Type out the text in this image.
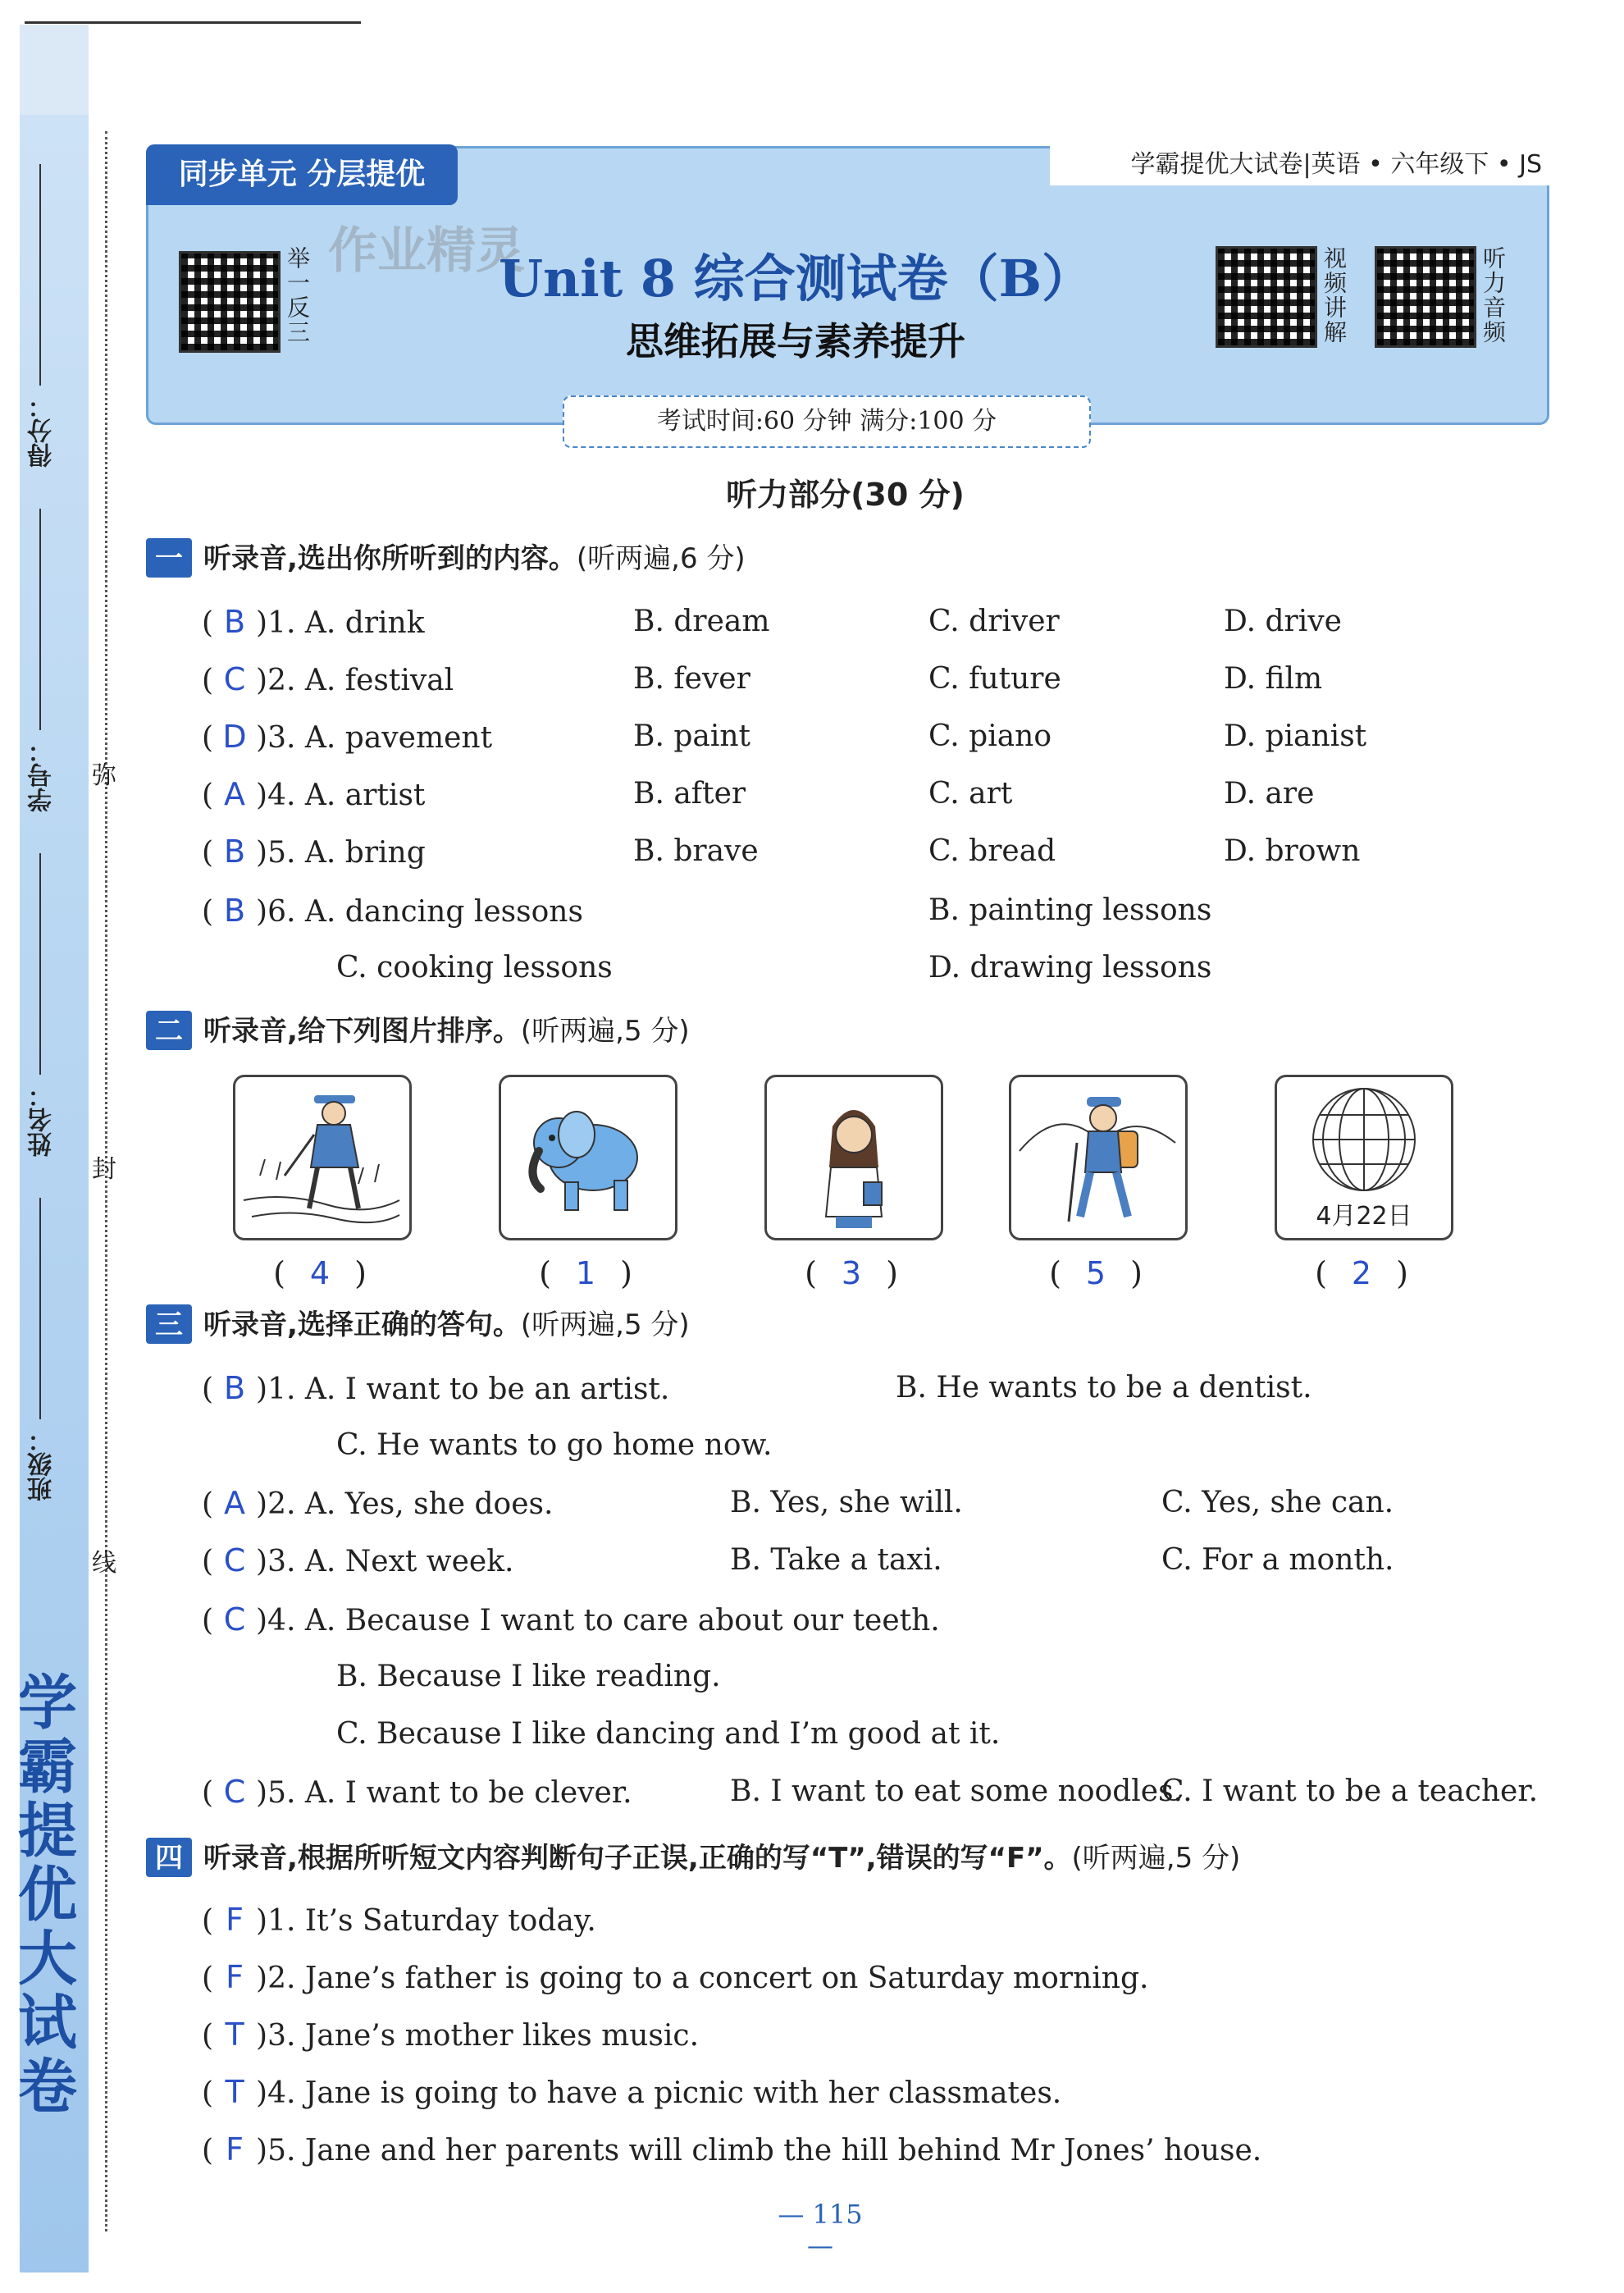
学霸提优大试卷
得分：
学号：
姓名：
班级：
弥
封
线
同步单元 分层提优	学霸提优大试卷|英语 • 六年级下 • JS
举一反三	视频讲解	听力音频
作业精灵
Unit 8 综合测试卷（B）
思维拓展与素养提升
考试时间:60 分钟 满分:100 分
听力部分(30 分)
一 听录音,选出你所听到的内容。(听两遍,6 分)
( B )1. A. drink	B. dream	C. driver	D. drive
( C )2. A. festival	B. fever	C. future	D. film
( D )3. A. pavement	B. paint	C. piano	D. pianist
( A )4. A. artist	B. after	C. art	D. are
( B )5. A. bring	B. brave	C. bread	D. brown
( B )6. A. dancing lessons	B. painting lessons
C. cooking lessons	D. drawing lessons
二 听录音,给下列图片排序。(听两遍,5 分)
( 4 )	( 1 )	( 3 )	( 5 )
4月22日
( 2 )
三 听录音,选择正确的答句。(听两遍,5 分)
( B )1. A. I want to be an artist.	B. He wants to be a dentist.
C. He wants to go home now.
( A )2. A. Yes, she does.	B. Yes, she will.	C. Yes, she can.
( C )3. A. Next week.	B. Take a taxi.	C. For a month.
( C )4. A. Because I want to care about our teeth.
B. Because I like reading.
C. Because I like dancing and I’m good at it.
( C )5. A. I want to be clever.	B. I want to eat some noodles.
C. I want to be a teacher.
四 听录音,根据所听短文内容判断句子正误,正确的写“T”,错误的写“F”。(听两遍,5 分)
( F )1. It’s Saturday today.
( F )2. Jane’s father is going to a concert on Saturday morning.
( T )3. Jane’s mother likes music.
( T )4. Jane is going to have a picnic with her classmates.
( F )5. Jane and her parents will climb the hill behind Mr Jones’ house.
— 115 —
